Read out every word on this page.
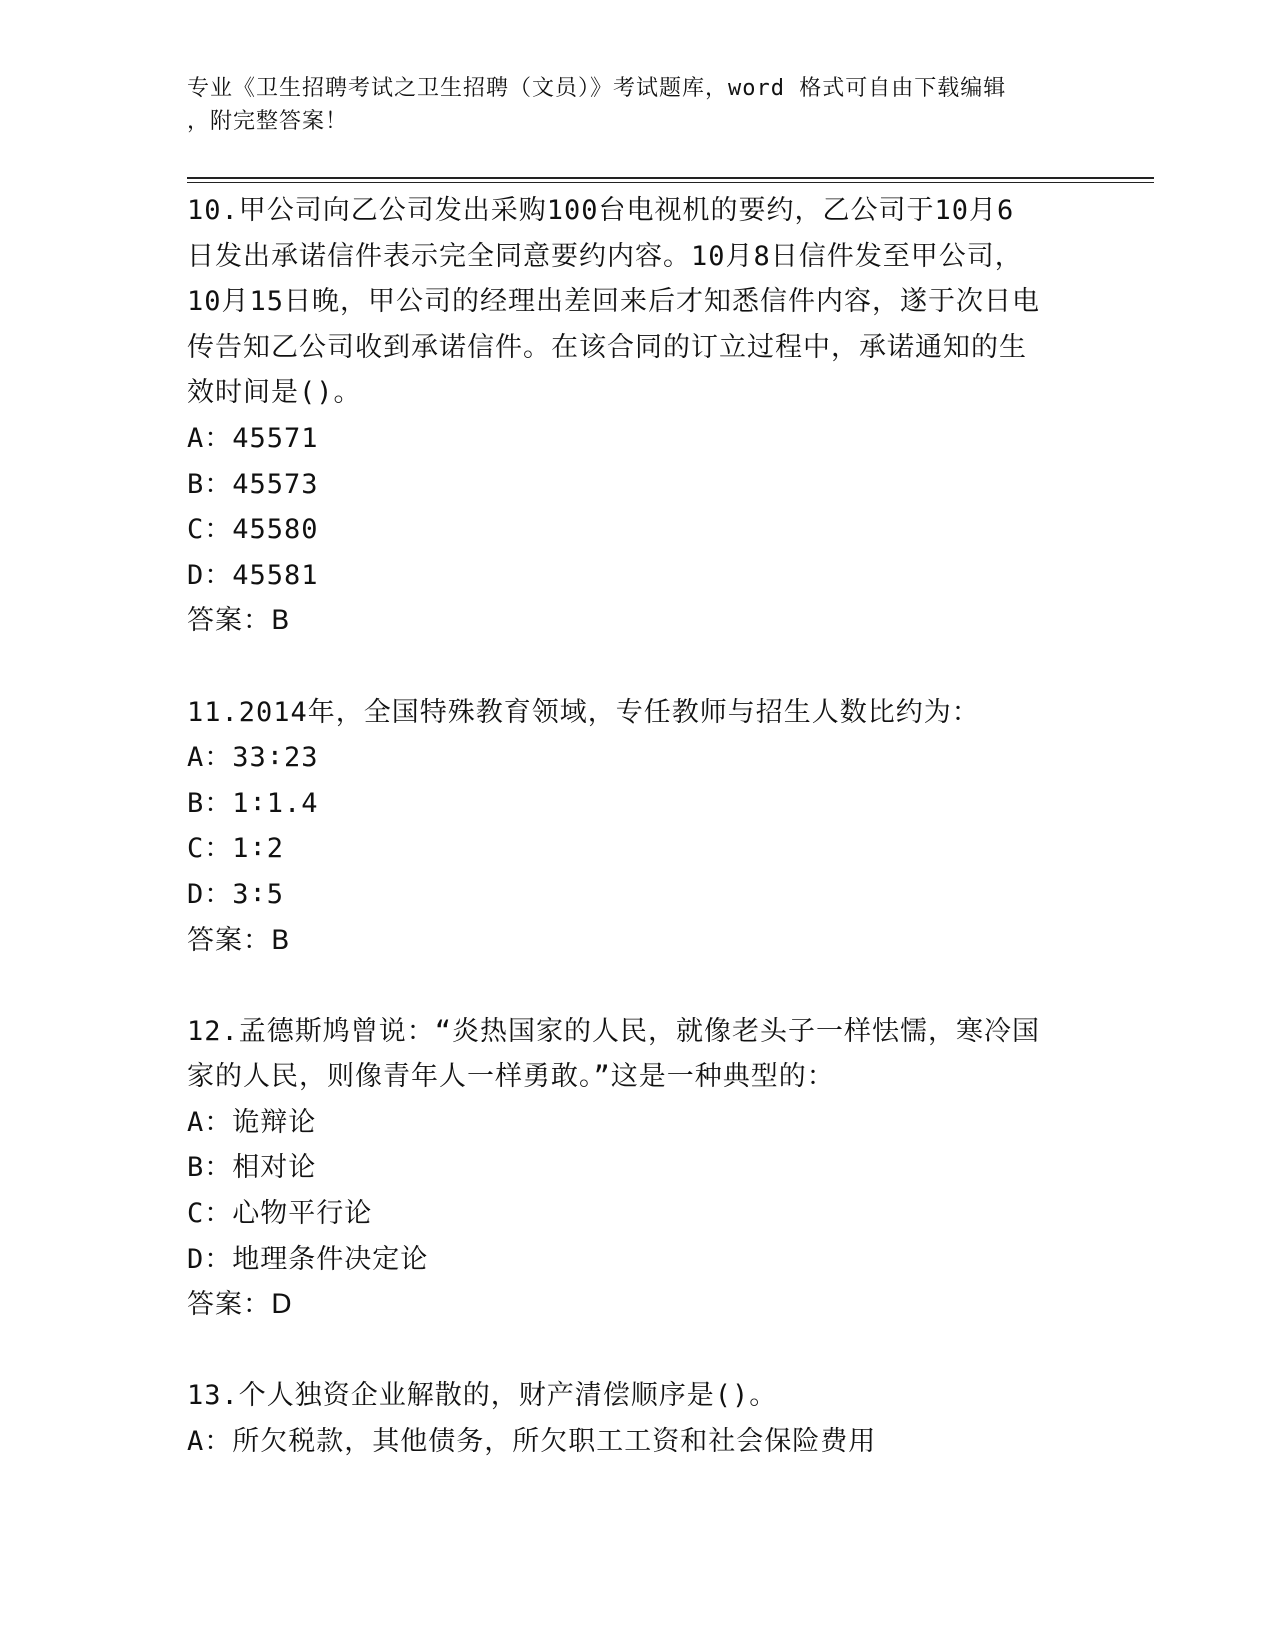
专业《卫生招聘考试之卫生招聘（文员）》考试题库，word 格式可自由下载编辑
，附完整答案！
10.甲公司向乙公司发出采购100台电视机的要约，乙公司于10月6
日发出承诺信件表示完全同意要约内容。10月8日信件发至甲公司，
10月15日晚，甲公司的经理出差回来后才知悉信件内容，遂于次日电
传告知乙公司收到承诺信件。在该合同的订立过程中，承诺通知的生
效时间是()。
A：45571
B：45573
C：45580
D：45581
答案：B
11.2014年，全国特殊教育领域，专任教师与招生人数比约为：
A：33∶23
B：1∶1.4
C：1∶2
D：3∶5
答案：B
12.孟德斯鸠曾说：“炎热国家的人民，就像老头子一样怯懦，寒冷国
家的人民，则像青年人一样勇敢。”这是一种典型的：
A：诡辩论
B：相对论
C：心物平行论
D：地理条件决定论
答案：D
13.个人独资企业解散的，财产清偿顺序是()。
A：所欠税款，其他债务，所欠职工工资和社会保险费用
